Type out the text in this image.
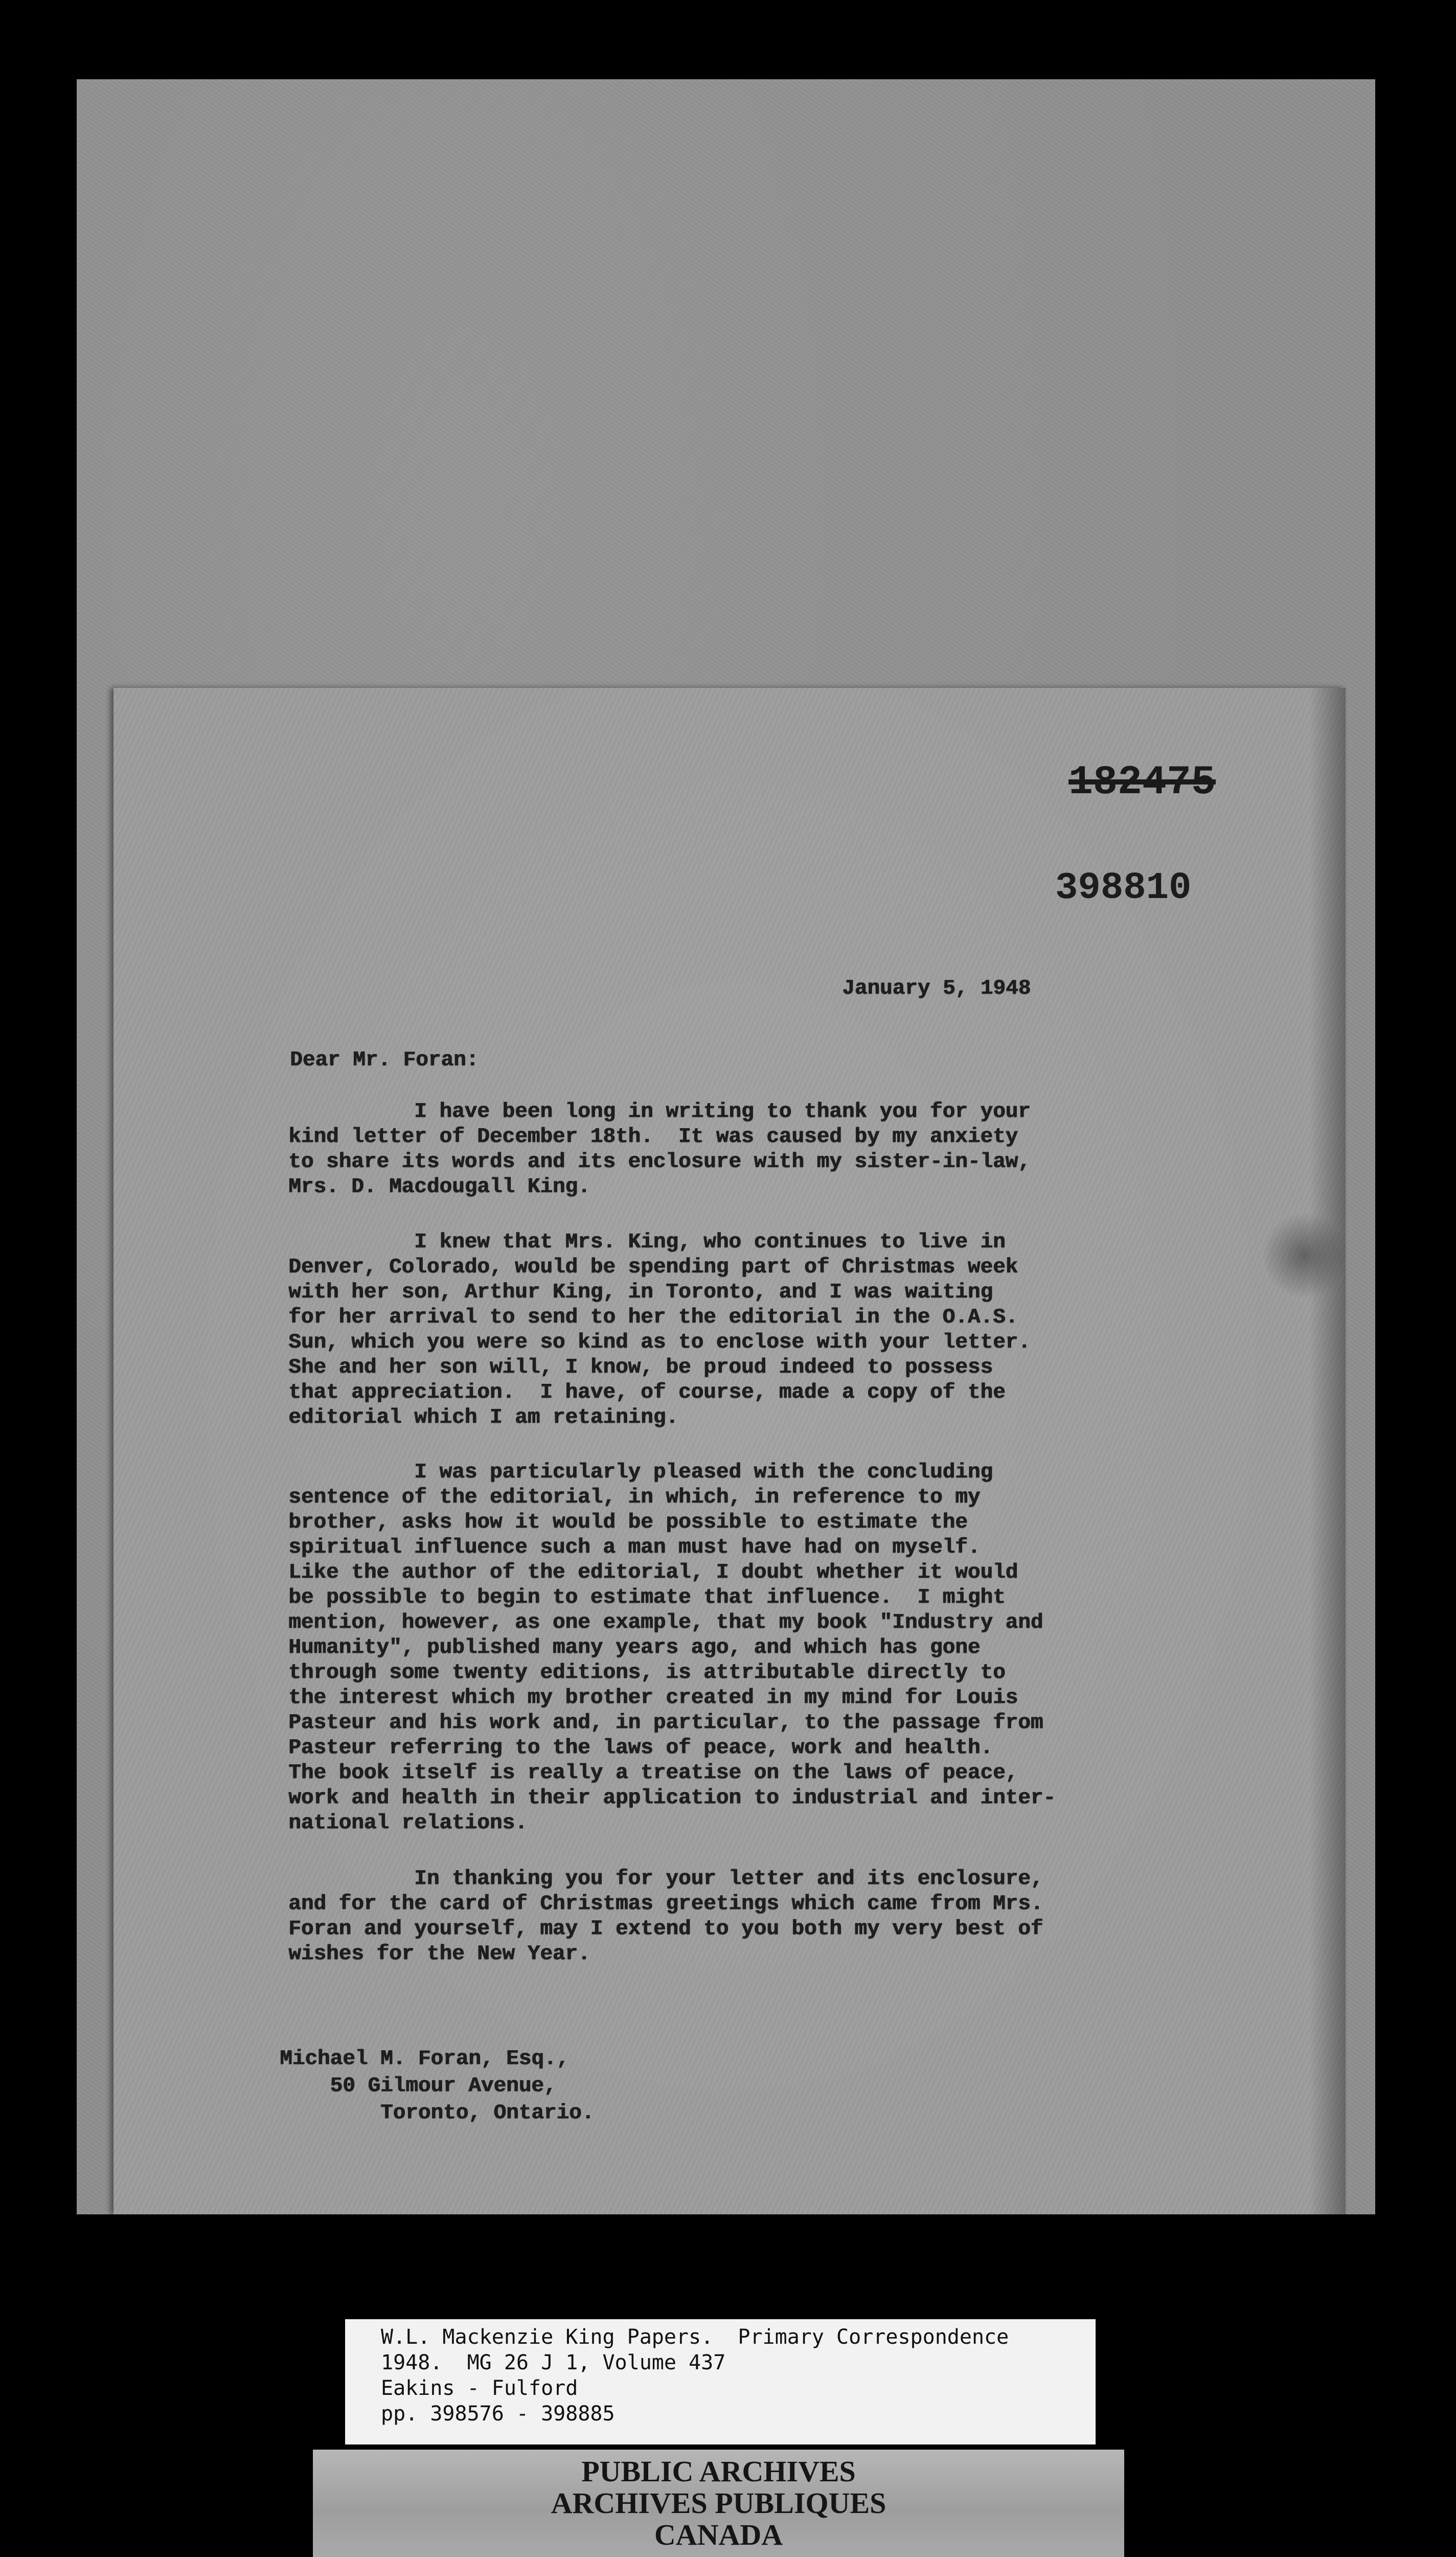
182475
398810
January 5, 1948
Dear Mr. Foran:
I have been long in writing to thank you for your
kind letter of December 18th.  It was caused by my anxiety
to share its words and its enclosure with my sister-in-law,
Mrs. D. Macdougall King.
I knew that Mrs. King, who continues to live in
Denver, Colorado, would be spending part of Christmas week
with her son, Arthur King, in Toronto, and I was waiting
for her arrival to send to her the editorial in the O.A.S.
Sun, which you were so kind as to enclose with your letter.
She and her son will, I know, be proud indeed to possess
that appreciation.  I have, of course, made a copy of the
editorial which I am retaining.
I was particularly pleased with the concluding
sentence of the editorial, in which, in reference to my
brother, asks how it would be possible to estimate the
spiritual influence such a man must have had on myself.
Like the author of the editorial, I doubt whether it would
be possible to begin to estimate that influence.  I might
mention, however, as one example, that my book "Industry and
Humanity", published many years ago, and which has gone
through some twenty editions, is attributable directly to
the interest which my brother created in my mind for Louis
Pasteur and his work and, in particular, to the passage from
Pasteur referring to the laws of peace, work and health.
The book itself is really a treatise on the laws of peace,
work and health in their application to industrial and inter-
national relations.
In thanking you for your letter and its enclosure,
and for the card of Christmas greetings which came from Mrs.
Foran and yourself, may I extend to you both my very best of
wishes for the New Year.
Michael M. Foran, Esq.,
50 Gilmour Avenue,
Toronto, Ontario.
W.L. Mackenzie King Papers.  Primary Correspondence
1948.  MG 26 J 1, Volume 437
Eakins - Fulford
pp. 398576 - 398885
PUBLIC ARCHIVES
ARCHIVES PUBLIQUES
CANADA
